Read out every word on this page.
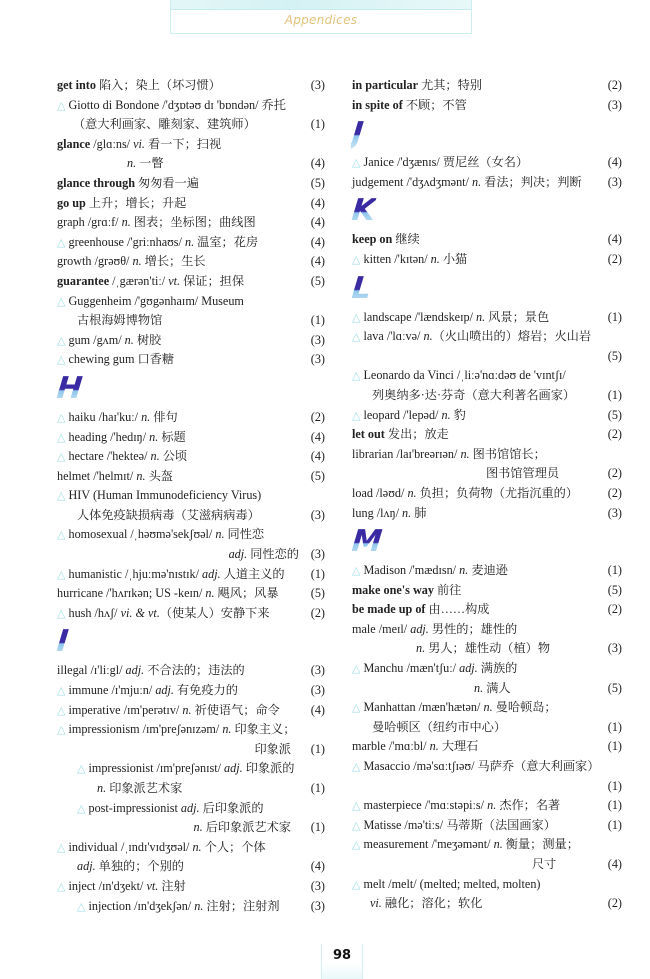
Appendices
get into 陷入；染上（坏习惯）	(3)
△ Giotto di Bondone /'dʒɒtəʊ dɪ 'bɒndən/ 乔托
（意大利画家、雕刻家、建筑师）	(1)
glance /glɑːns/ vi. 看一下；扫视
n. 一瞥	(4)
glance through 匆匆看一遍	(5)
go up 上升；增长；升起	(4)
graph /grɑːf/ n. 图表；坐标图；曲线图	(4)
△ greenhouse /'griːnhaʊs/ n. 温室；花房	(4)
growth /grəʊθ/ n. 增长；生长	(4)
guarantee /ˌgærən'tiː/ vt. 保证；担保	(5)
△ Guggenheim /'gʊgənhaɪm/ Museum
古根海姆博物馆	(1)
△ gum /gʌm/ n. 树胶	(3)
△ chewing gum 口香糖	(3)
H
△ haiku /haɪ'kuː/ n. 俳句	(2)
△ heading /'hedɪŋ/ n. 标题	(4)
△ hectare /'hekteə/ n. 公顷	(4)
helmet /'helmɪt/ n. 头盔	(5)
△ HIV (Human Immunodeficiency Virus)
人体免疫缺损病毒（艾滋病病毒）	(3)
△ homosexual /ˌhəʊmə'sekʃʊəl/ n. 同性恋
adj. 同性恋的 (3)
△ humanistic /ˌhjuːmə'nɪstɪk/ adj. 人道主义的 (1)
hurricane /'hʌrɪkən; US -keɪn/ n. 飓风；风暴	(5)
△ hush /hʌʃ/ vi. & vt.（使某人）安静下来	(2)
I
illegal /ɪ'liːgl/ adj. 不合法的；违法的	(3)
△ immune /ɪ'mjuːn/ adj. 有免疫力的	(3)
△ imperative /ɪm'perətɪv/ n. 祈使语气；命令	(4)
△ impressionism /ɪm'preʃənɪzəm/ n. 印象主义；
印象派 (1)
△ impressionist /ɪm'preʃənɪst/ adj. 印象派的
n. 印象派艺术家	(1)
△ post-impressionist adj. 后印象派的
n. 后印象派艺术家 (1)
△ individual /ˌɪndɪ'vɪdʒʊəl/ n. 个人；个体
adj. 单独的；个别的	(4)
△ inject /ɪn'dʒekt/ vt. 注射	(3)
△ injection /ɪn'dʒekʃən/ n. 注射；注射剂	(3)
in particular 尤其；特别	(2)
in spite of 不顾；不管	(3)
J
△ Janice /'dʒænɪs/ 贾尼丝（女名）	(4)
judgement /'dʒʌdʒmənt/ n. 看法；判决；判断 (3)
K
keep on 继续	(4)
△ kitten /'kɪtən/ n. 小猫	(2)
L
△ landscape /'lændskeɪp/ n. 风景；景色	(1)
△ lava /'lɑːvə/ n.（火山喷出的）熔岩；火山岩
(5)
△ Leonardo da Vinci /ˌliːə'nɑːdəʊ de 'vɪntʃɪ/
列奥纳多·达·芬奇（意大利著名画家）	(1)
△ leopard /'lepəd/ n. 豹	(5)
let out 发出；放走	(2)
librarian /laɪ'breərɪən/ n. 图书馆馆长；
图书馆管理员	(2)
load /ləʊd/ n. 负担；负荷物（尤指沉重的） (2)
lung /lʌŋ/ n. 肺	(3)
M
△ Madison /'mædɪsn/ n. 麦迪逊	(1)
make one's way 前往	(5)
be made up of 由……构成	(2)
male /meɪl/ adj. 男性的；雄性的
n. 男人；雄性动（植）物	(3)
△ Manchu /mæn'tʃuː/ adj. 满族的
n. 满人	(5)
△ Manhattan /mæn'hætən/ n. 曼哈顿岛；
曼哈顿区（纽约市中心）	(1)
marble /'mɑːbl/ n. 大理石	(1)
△ Masaccio /mə'sɑːtʃɪəʊ/ 马萨乔（意大利画家）
(1)
△ masterpiece /'mɑːstəpiːs/ n. 杰作；名著	(1)
△ Matisse /mə'tiːs/ 马蒂斯（法国画家）	(1)
△ measurement /'meʒəmənt/ n. 衡量；测量；
尺寸	(4)
△ melt /melt/ (melted; melted, molten)
vi. 融化；溶化；软化	(2)
98
